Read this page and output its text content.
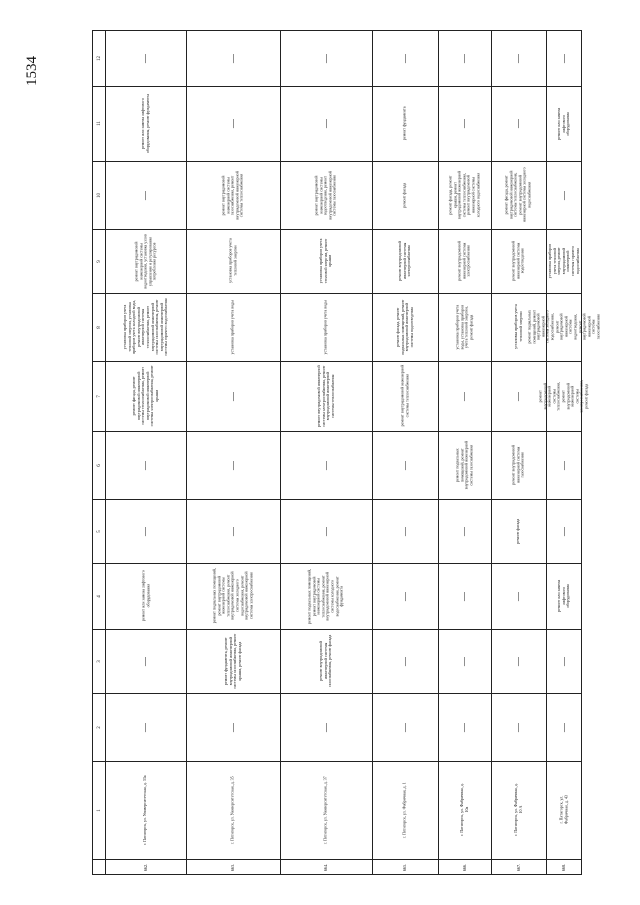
1534
1
2
3
4
5
6
7
8
9
10
11
12
662.
г. Пятигорск, ул. Университетская, д. 33а
—
—
ремонт или замена лифтового оборудования
—
—
ремонт фасада, ремонт внутридомовой инженерной системы теплоснабжения, ремонт внутридомовой инженерной системы электроснабжения, ремонт крыши
установка приборов учета тепловой энергии, установка приборов учета холодной воды, ремонт внутридомовой инженерной системы теплоснабжения, ремонт внутридомовой инженерной системы газоснабжения, ремонт внутридомовой инженерной системы горячего водоснабжения
ремонт внутридомовой инженерной системы водоотведения, установка узлов управления и регулирования потребления ресурсов
—
ремонт или замена лифтового оборудования, ремонт фундамента
—
663.
г. Пятигорск, ул. Университетская, д. 35
—
ремонт фундамента, ремонт внутридомовой инженерной системы газоснабжения, ремонт крыши, ремонт фасада
ремонт подвальных помещений, ремонт внутридомовой инженерной системы теплоснабжения, ремонт внутридомовой инженерной системы холодного водоснабжения, ремонт внутридомовой инженерной системы электроснабжения
—
—
—
установка приборов учета воды
установка приборов учета тепловой энергии
ремонт внутридомовой инженерной системы газоснабжения, ремонт внутридомовой инженерной системы теплоснабжения
—
—
664.
г. Пятигорск, ул. Университетская, д. 37
—
ремонт внутридомовой инженерной системы газоснабжения, ремонт фасада
ремонт подвальных помещений, ремонт внутридомовой инженерной системы теплоснабжения, ремонт внутридомовой инженерной системы холодного водоснабжения, ремонт фундамента
—
—
ремонт внутридомовой инженерной системы электроснабжения, ремонт внутридомовой инженерной системы теплоснабжения
установка приборов учета воды
установка приборов учета тепловой энергии, ремонт крыши
ремонт внутридомовой инженерной системы водоотведения, ремонт внутридомовой инженерной системы газоснабжения
—
—
665.
г. Пятигорск, ул. Фабричная, д. 1
—
—
—
—
—
ремонт внутридомовой инженерной системы теплоснабжения
ремонт фасада, ремонт подвальных помещений, ремонт внутридомовой инженерной системы водоотведения
ремонт внутридомовой инженерной системы электроснабжения
ремонт фасада
ремонт фундамента
—
666.
г. Пятигорск, ул. Фабричная, д. 10а
—
—
—
—
ремонт подвальных помещений, ремонт внутридомовой инженерной системы газоснабжения
—
установка приборов учета воды, установка приборов учета тепловой энергии, ремонт фасада
ремонт внутридомовой инженерной системы электроснабжения
ремонт фасада, ремонт крыши, ремонт внутридомовой инженерной системы теплоснабжения, ремонт внутридомовой инженерной системы холодного водоснабжения
—
—
667.
г. Пятигорск, ул. Фабричная, д. 10 А
—
—
—
ремонт фасада
ремонт внутридомовой инженерной системы газоснабжения
—
установка приборов учета тепловой энергии
ремонт внутридомовой инженерной системы водоотведения
ремонт фасада, ремонт внутридомовой инженерной системы теплоснабжения, ремонт внутридомовой инженерной системы холодного водоснабжения
—
—
668.
г. Пятигорск, ул. Фабричная, д. 43
—
—
ремонт или замена лифтового оборудования
—
—
ремонт внутридомовой инженерной системы теплоснабжения, ремонт внутридомовой инженерной системы электроснабжения, ремонт фасада
ремонт подвальных помещений, ремонт внутридомовой инженерной системы холодного водоснабжения, ремонт внутридомовой инженерной системы водоотведения, ремонт внутридомовой инженерной системы газоснабжения
установка приборов учета тепловой энергии, ремонт внутридомовой инженерной системы горячего водоснабжения
—
ремонт или замена лифтового оборудования
—
